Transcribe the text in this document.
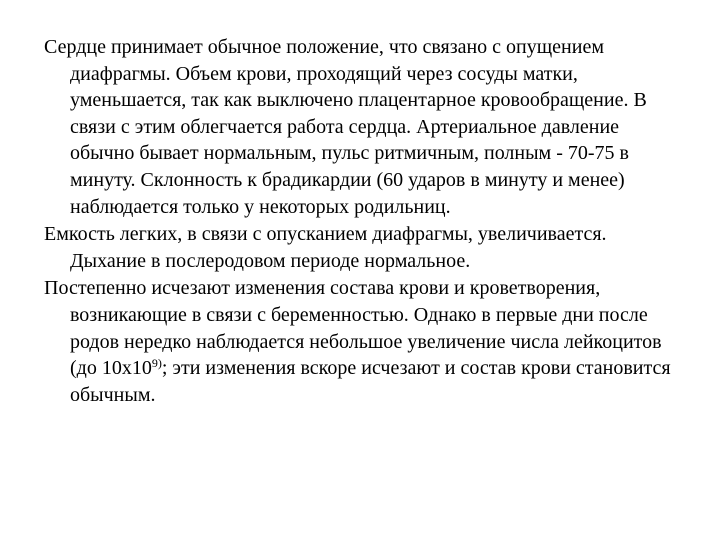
Сердце принимает обычное положение, что связано с опущением диафрагмы. Объем крови, проходящий через сосуды матки, уменьшается, так как выключено плацентарное кровообращение. В связи с этим облегчается работа сердца. Артериальное давление обычно бывает нормальным, пульс ритмичным, полным - 70-75 в минуту. Склонность к брадикардии (60 ударов в минуту и менее) наблюдается только у некоторых родильниц.

Емкость легких, в связи с опусканием диафрагмы, увеличивается. Дыхание в послеродовом периоде нормальное.

Постепенно исчезают изменения состава крови и кроветворения, возникающие в связи с беременностью. Однако в первые дни после родов нередко наблюдается небольшое увеличение числа лейкоцитов (до 10х10$^{9)}$; эти изменения вскоре исчезают и состав крови становится обычным.
